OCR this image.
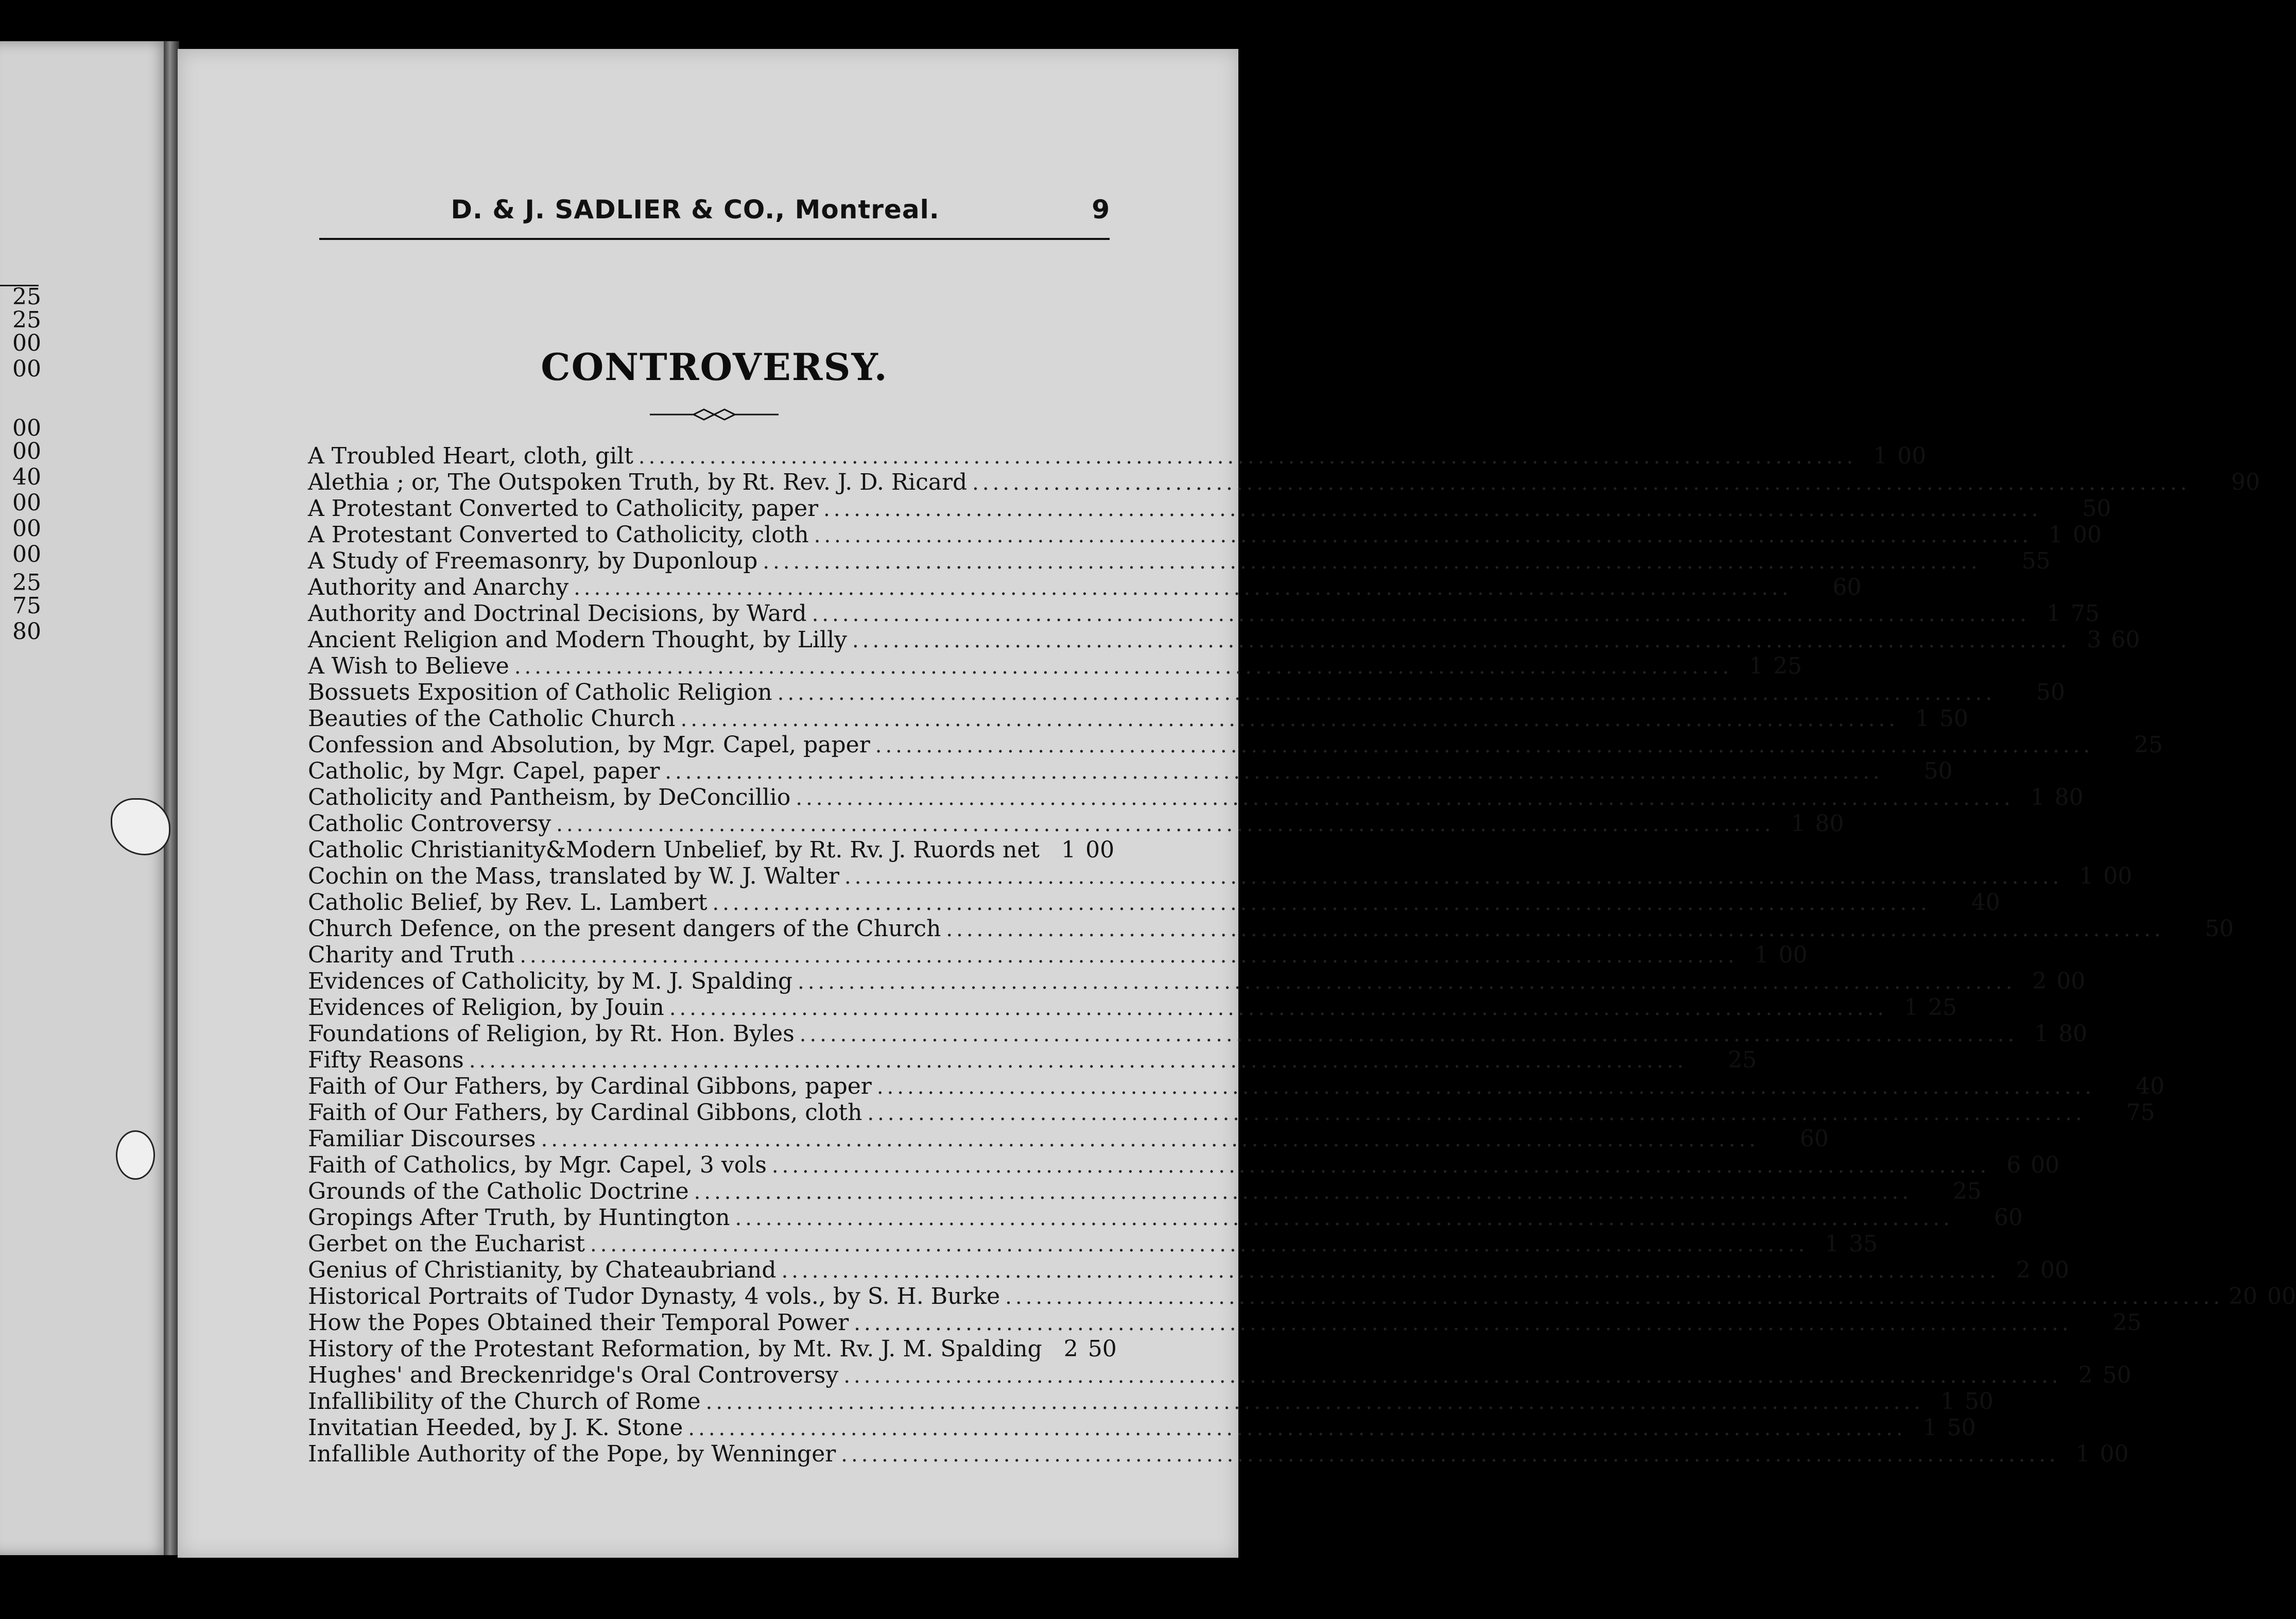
25
25
00
00
00
00
40
00
00
00
25
75
80
D. & J. SADLIER & CO., Montreal.	9
CONTROVERSY.
A Troubled Heart, cloth, gilt ........................................................................................................................ 1 00
Alethia ; or, The Outspoken Truth, by Rt. Rev. J. D. Ricard ........................................................................................................................	90
A Protestant Converted to Catholicity, paper ........................................................................................................................	50
A Protestant Converted to Catholicity, cloth ........................................................................................................................ 1 00
A Study of Freemasonry, by Duponloup ........................................................................................................................	55
Authority and Anarchy ........................................................................................................................	60
Authority and Doctrinal Decisions, by Ward ........................................................................................................................ 1 75
Ancient Religion and Modern Thought, by Lilly ........................................................................................................................ 3 60
A Wish to Believe ........................................................................................................................ 1 25
Bossuets Exposition of Catholic Religion ........................................................................................................................	50
Beauties of the Catholic Church ........................................................................................................................ 1 50
Confession and Absolution, by Mgr. Capel, paper ........................................................................................................................	25
Catholic, by Mgr. Capel, paper ........................................................................................................................	50
Catholicity and Pantheism, by DeConcillio ........................................................................................................................ 1 80
Catholic Controversy ........................................................................................................................ 1 80
Catholic Christianity&Modern Unbelief, by Rt. Rv. J. Ruords net 1 00
Cochin on the Mass, translated by W. J. Walter ........................................................................................................................ 1 00
Catholic Belief, by Rev. L. Lambert ........................................................................................................................	40
Church Defence, on the present dangers of the Church ........................................................................................................................	50
Charity and Truth ........................................................................................................................ 1 00
Evidences of Catholicity, by M. J. Spalding ........................................................................................................................ 2 00
Evidences of Religion, by Jouin ........................................................................................................................ 1 25
Foundations of Religion, by Rt. Hon. Byles ........................................................................................................................ 1 80
Fifty Reasons ........................................................................................................................	25
Faith of Our Fathers, by Cardinal Gibbons, paper ........................................................................................................................	40
Faith of Our Fathers, by Cardinal Gibbons, cloth ........................................................................................................................	75
Familiar Discourses ........................................................................................................................	60
Faith of Catholics, by Mgr. Capel, 3 vols ........................................................................................................................ 6 00
Grounds of the Catholic Doctrine ........................................................................................................................	25
Gropings After Truth, by Huntington ........................................................................................................................	60
Gerbet on the Eucharist ........................................................................................................................ 1 35
Genius of Christianity, by Chateaubriand ........................................................................................................................ 2 00
Historical Portraits of Tudor Dynasty, 4 vols., by S. H. Burke ........................................................................................................................ 20 00
How the Popes Obtained their Temporal Power ........................................................................................................................	25
History of the Protestant Reformation, by Mt. Rv. J. M. Spalding 2 50
Hughes' and Breckenridge's Oral Controversy ........................................................................................................................ 2 50
Infallibility of the Church of Rome ........................................................................................................................ 1 50
Invitatian Heeded, by J. K. Stone ........................................................................................................................ 1 50
Infallible Authority of the Pope, by Wenninger ........................................................................................................................ 1 00
